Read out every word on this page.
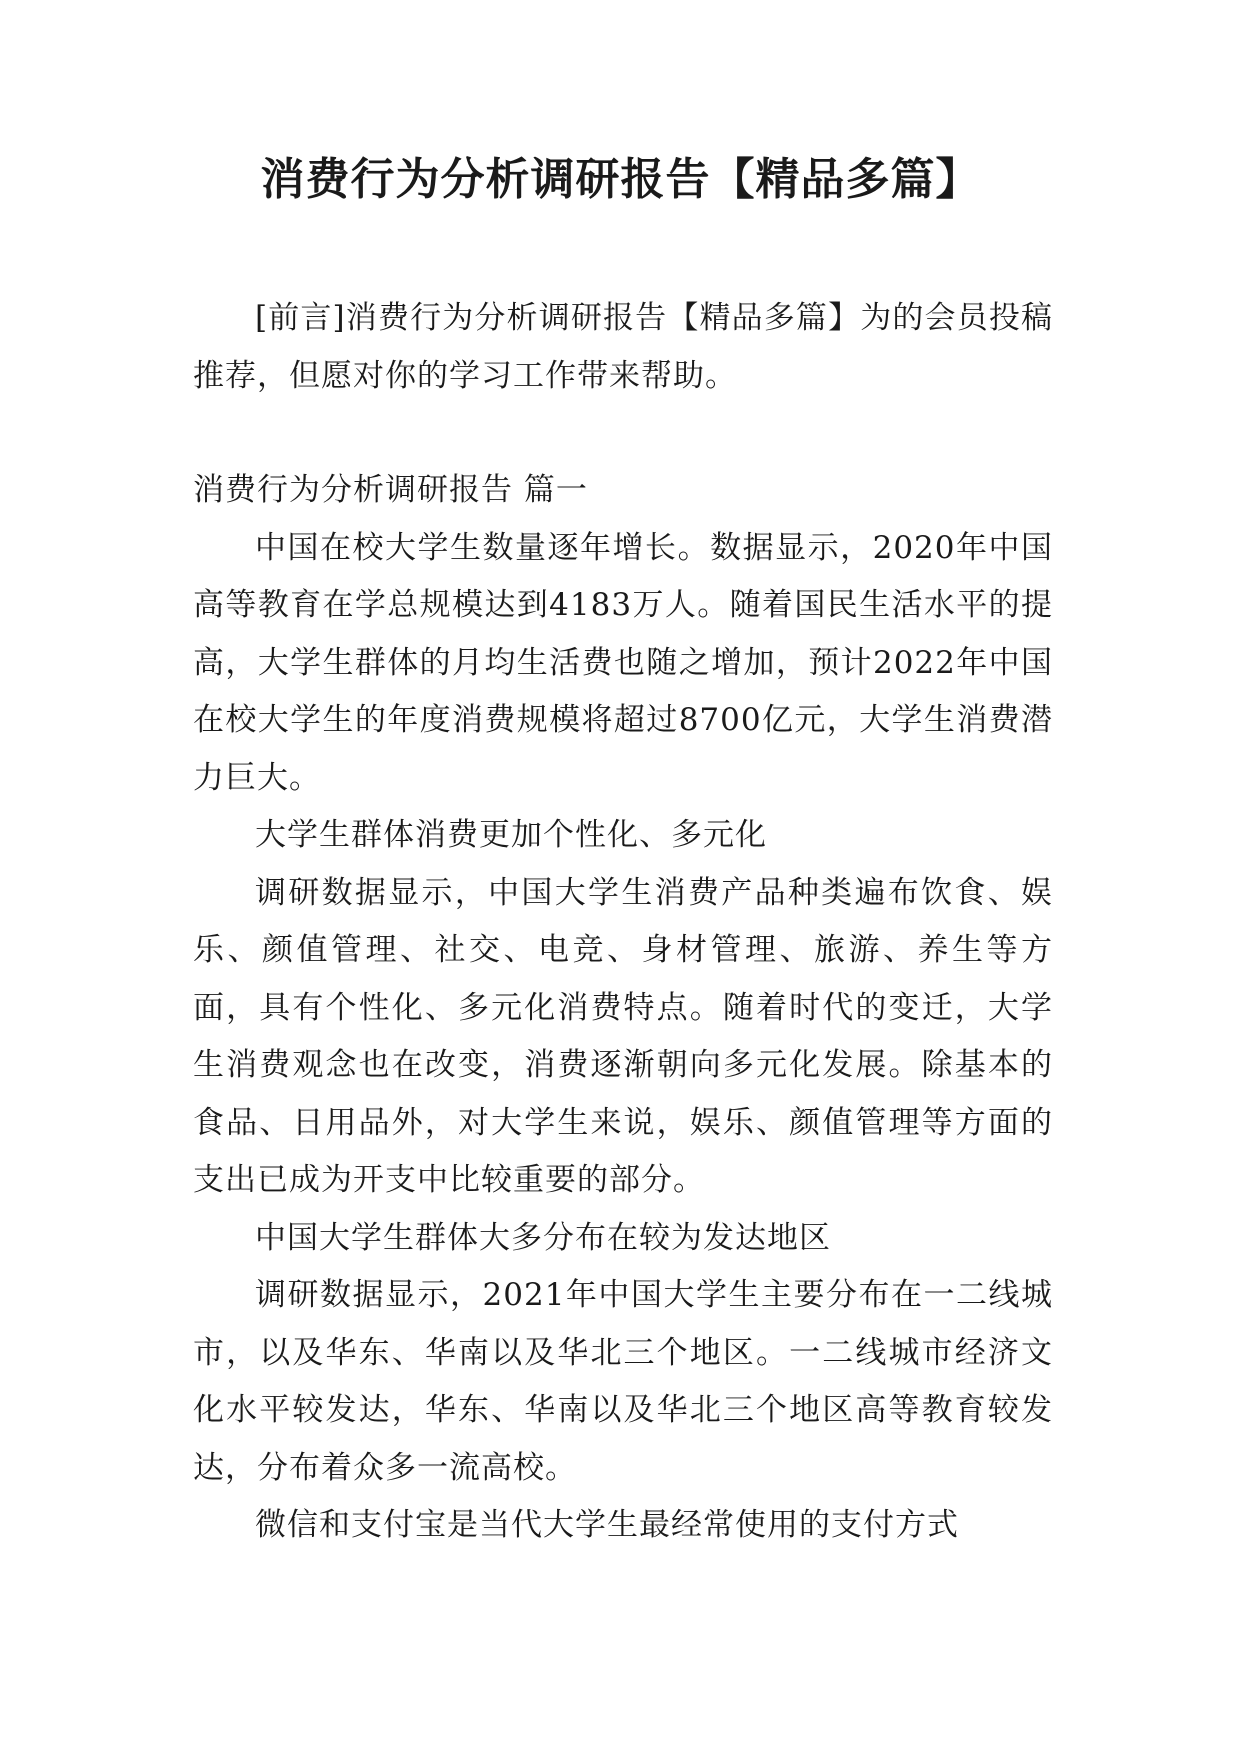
消费行为分析调研报告【精品多篇】

[前言]消费行为分析调研报告【精品多篇】为的会员投稿推荐，但愿对你的学习工作带来帮助。

消费行为分析调研报告 篇一

中国在校大学生数量逐年增长。数据显示，2020年中国高等教育在学总规模达到4183万人。随着国民生活水平的提高，大学生群体的月均生活费也随之增加，预计2022年中国在校大学生的年度消费规模将超过8700亿元，大学生消费潜力巨大。

大学生群体消费更加个性化、多元化

调研数据显示，中国大学生消费产品种类遍布饮食、娱乐、颜值管理、社交、电竞、身材管理、旅游、养生等方面，具有个性化、多元化消费特点。随着时代的变迁，大学生消费观念也在改变，消费逐渐朝向多元化发展。除基本的食品、日用品外，对大学生来说，娱乐、颜值管理等方面的支出已成为开支中比较重要的部分。

中国大学生群体大多分布在较为发达地区

调研数据显示，2021年中国大学生主要分布在一二线城市，以及华东、华南以及华北三个地区。一二线城市经济文化水平较发达，华东、华南以及华北三个地区高等教育较发达，分布着众多一流高校。

微信和支付宝是当代大学生最经常使用的支付方式
